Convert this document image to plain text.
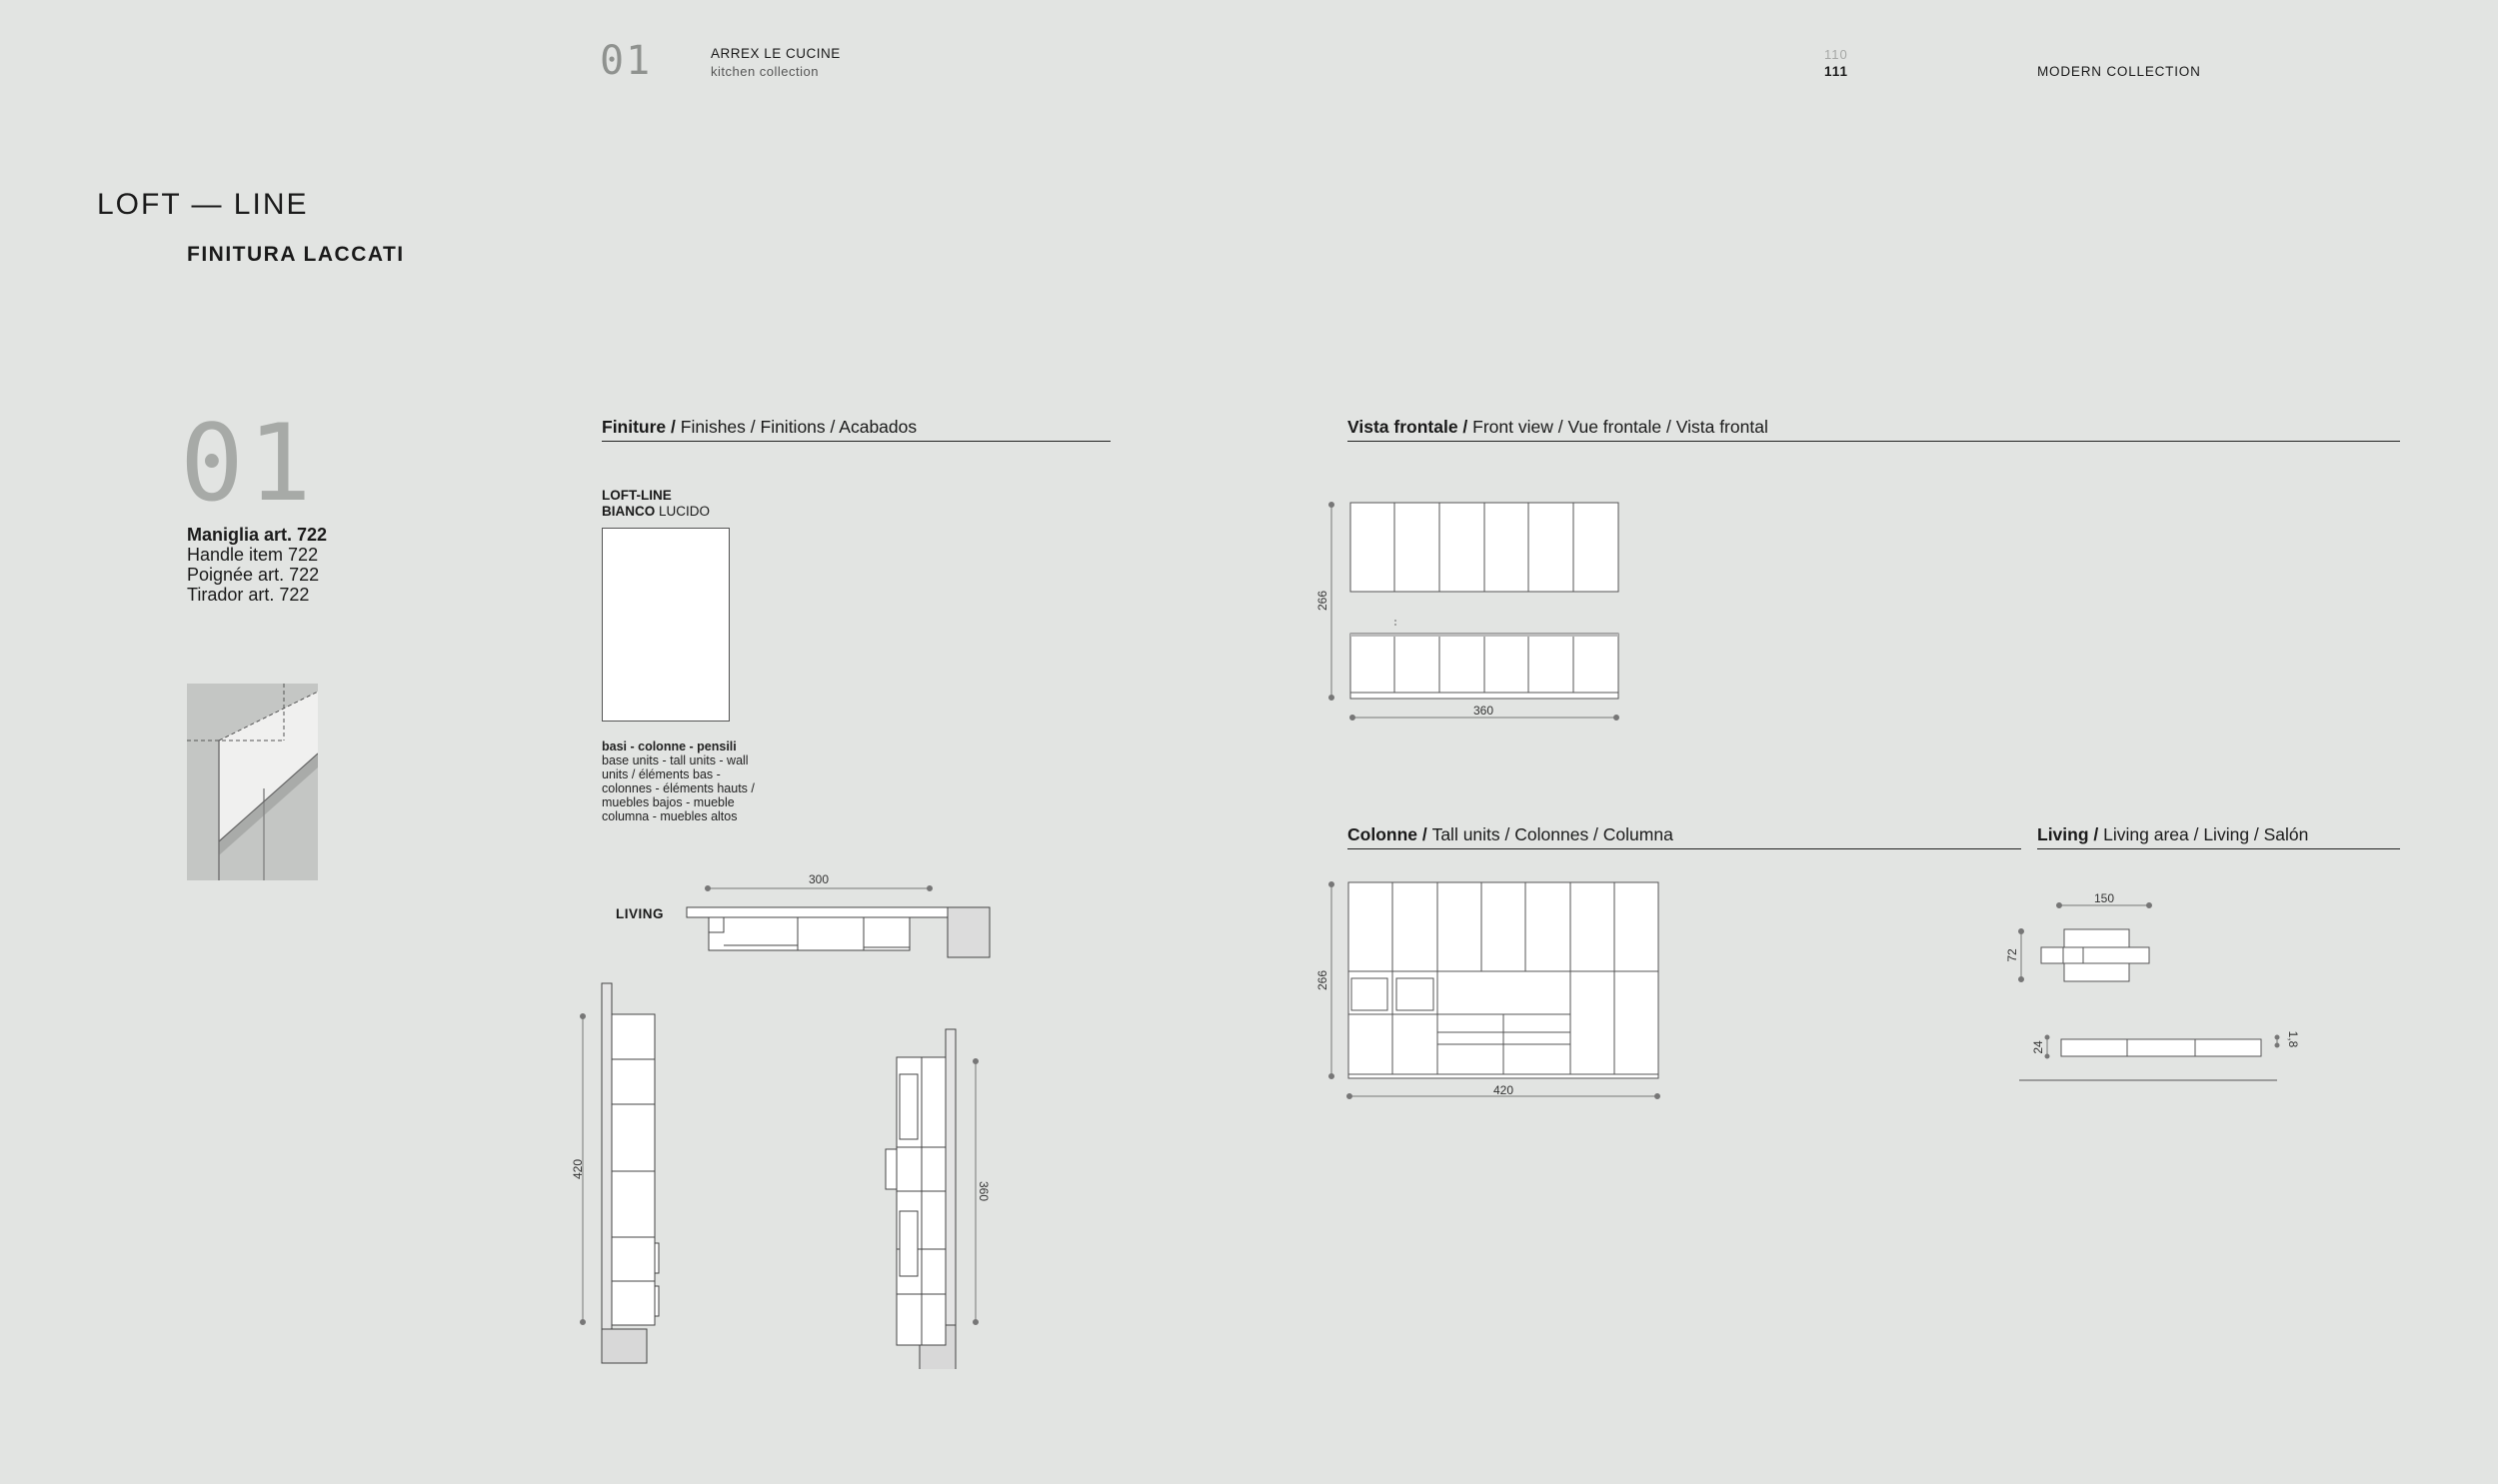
01	ARREX LE CUCINE
kitchen collection
110
111	MODERN COLLECTION
LOFT — LINE
FINITURA LACCATI
01
Maniglia art. 722
Handle item 722
Poignée art. 722
Tirador art. 722
Finiture / Finishes / Finitions / Acabados
LOFT-LINE
BIANCO LUCIDO
basi - colonne - pensili
base units - tall units - wall units / éléments bas - colonnes - éléments hauts / muebles bajos - mueble columna - muebles altos
LIVING
300
420
360
Vista frontale / Front view / Vue frontale / Vista frontal
266
360
Colonne / Tall units / Colonnes / Columna
266
420
Living / Living area / Living / Salón
150
72
24	1,8
